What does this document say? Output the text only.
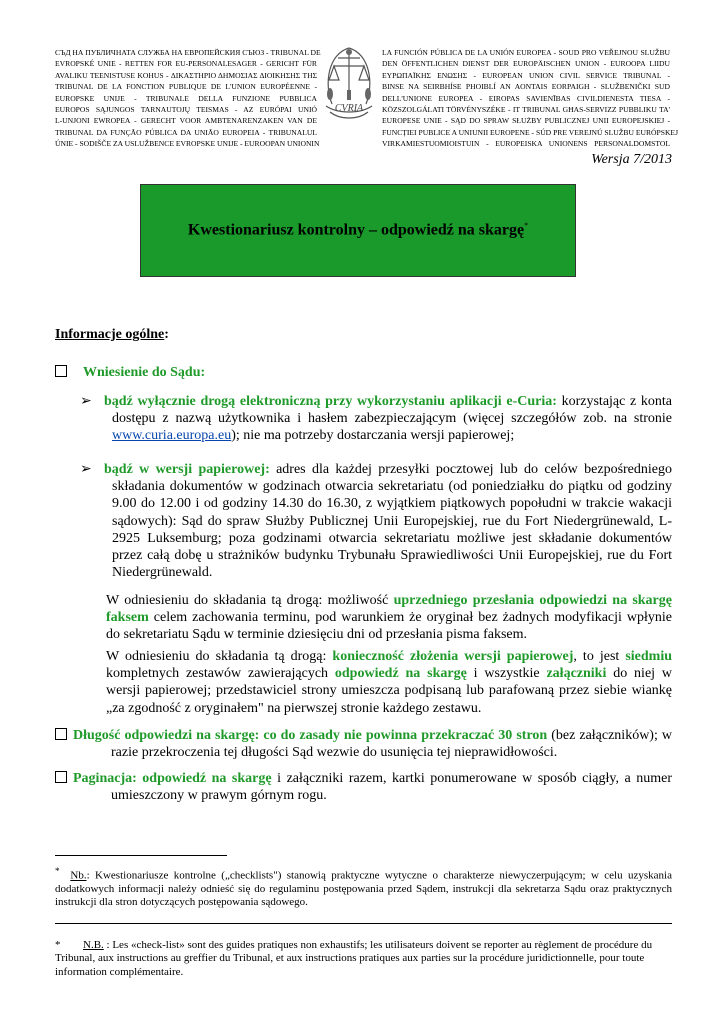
СЪД НА ПУБЛИЧНАТА СЛУЖБА НА ЕВРОПЕЙСКИЯ СЪЮЗ - TRIBUNAL DE
EVROPSKÉ UNIE - RETTEN FOR EU-PERSONALESAGER - GERICHT FÜR
AVALIKU TEENISTUSE KOHUS - ΔΙΚΑΣΤΗΡΙΟ ΔΗΜΟΣΙΑΣ ΔΙΟΙΚΗΣΗΣ ΤΗΣ
TRIBUNAL DE LA FONCTION PUBLIQUE DE L'UNION EUROPÉENNE -
EUROPSKE UNIJE - TRIBUNALE DELLA FUNZIONE PUBBLICA
EUROPOS SĄJUNGOS TARNAUTOJŲ TEISMAS - AZ EURÓPAI UNIÓ
L-UNJONI EWROPEA - GERECHT VOOR AMBTENARENZAKEN VAN DE
TRIBUNAL DA FUNÇÃO PÚBLICA DA UNIÃO EUROPEIA - TRIBUNALUL
ÚNIE - SODIŠČE ZA USLUŽBENCE EVROPSKE UNIJE - EUROOPAN UNIONIN
LA FUNCIÓN PÚBLICA DE LA UNIÓN EUROPEA - SOUD PRO VEŘEJNOU SLUŽBU
DEN ÖFFENTLICHEN DIENST DER EUROPÄISCHEN UNION - EUROOPA LIIDU
ΕΥΡΩΠΑΪΚΗΣ ΕΝΩΣΗΣ - EUROPEAN UNION CIVIL SERVICE TRIBUNAL -
BINSE NA SEIRBHÍSE PHOIBLÍ AN AONTAIS EORPAIGH - SLUŽBENIČKI SUD
DELL'UNIONE EUROPEA - EIROPAS SAVIENĪBAS CIVILDIENESTA TIESA -
KÖZSZOLGÁLATI TÖRVÉNYSZÉKE - IT TRIBUNAL GĦAS-SERVIZZ PUBBLIKU TA'
EUROPESE UNIE - SĄD DO SPRAW SŁUŻBY PUBLICZNEJ UNII EUROPEJSKIEJ -
FUNCȚIEI PUBLICE A UNIUNII EUROPENE - SÚD PRE VEREJNÚ SLUŽBU EURÓPSKEJ
VIRKAMIESTUOMIOISTUIN - EUROPEISKA UNIONENS PERSONALDOMSTOL
CVRIA
Wersja 7/2013
Kwestionariusz kontrolny – odpowiedź na skargę*
Informacje ogólne:
Wniesienie do Sądu:
➢ bądź wyłącznie drogą elektroniczną przy wykorzystaniu aplikacji e-Curia: korzystając z konta dostępu z nazwą użytkownika i hasłem zabezpieczającym (więcej szczegółów zob. na stronie www.curia.europa.eu); nie ma potrzeby dostarczania wersji papierowej;
➢ bądź w wersji papierowej: adres dla każdej przesyłki pocztowej lub do celów bezpośredniego składania dokumentów w godzinach otwarcia sekretariatu (od poniedziałku do piątku od godziny 9.00 do 12.00 i od godziny 14.30 do 16.30, z wyjątkiem piątkowych popołudni w trakcie wakacji sądowych): Sąd do spraw Służby Publicznej Unii Europejskiej, rue du Fort Niedergrünewald, L-2925 Luksemburg; poza godzinami otwarcia sekretariatu możliwe jest składanie dokumentów przez całą dobę u strażników budynku Trybunału Sprawiedliwości Unii Europejskiej, rue du Fort Niedergrünewald.
W odniesieniu do składania tą drogą: możliwość uprzedniego przesłania odpowiedzi na skargę faksem celem zachowania terminu, pod warunkiem że oryginał bez żadnych modyfikacji wpłynie do sekretariatu Sądu w terminie dziesięciu dni od przesłania pisma faksem.
W odniesieniu do składania tą drogą: konieczność złożenia wersji papierowej, to jest siedmiu kompletnych zestawów zawierających odpowiedź na skargę i wszystkie załączniki do niej w wersji papierowej; przedstawiciel strony umieszcza podpisaną lub parafowaną przez siebie wiankę „za zgodność z oryginałem" na pierwszej stronie każdego zestawu.
Długość odpowiedzi na skargę: co do zasady nie powinna przekraczać 30 stron (bez załączników); w razie przekroczenia tej długości Sąd wezwie do usunięcia tej nieprawidłowości.
Paginacja: odpowiedź na skargę i załączniki razem, kartki ponumerowane w sposób ciągły, a numer umieszczony w prawym górnym rogu.
* Nb.: Kwestionariusze kontrolne („checklists") stanowią praktyczne wytyczne o charakterze niewyczerpującym; w celu uzyskania dodatkowych informacji należy odnieść się do regulaminu postępowania przed Sądem, instrukcji dla sekretarza Sądu oraz praktycznych instrukcji dla stron dotyczących postępowania sądowego.
* N.B. : Les «check-list» sont des guides pratiques non exhaustifs; les utilisateurs doivent se reporter au règlement de procédure du Tribunal, aux instructions au greffier du Tribunal, et aux instructions pratiques aux parties sur la procédure juridictionnelle, pour toute information complémentaire.
